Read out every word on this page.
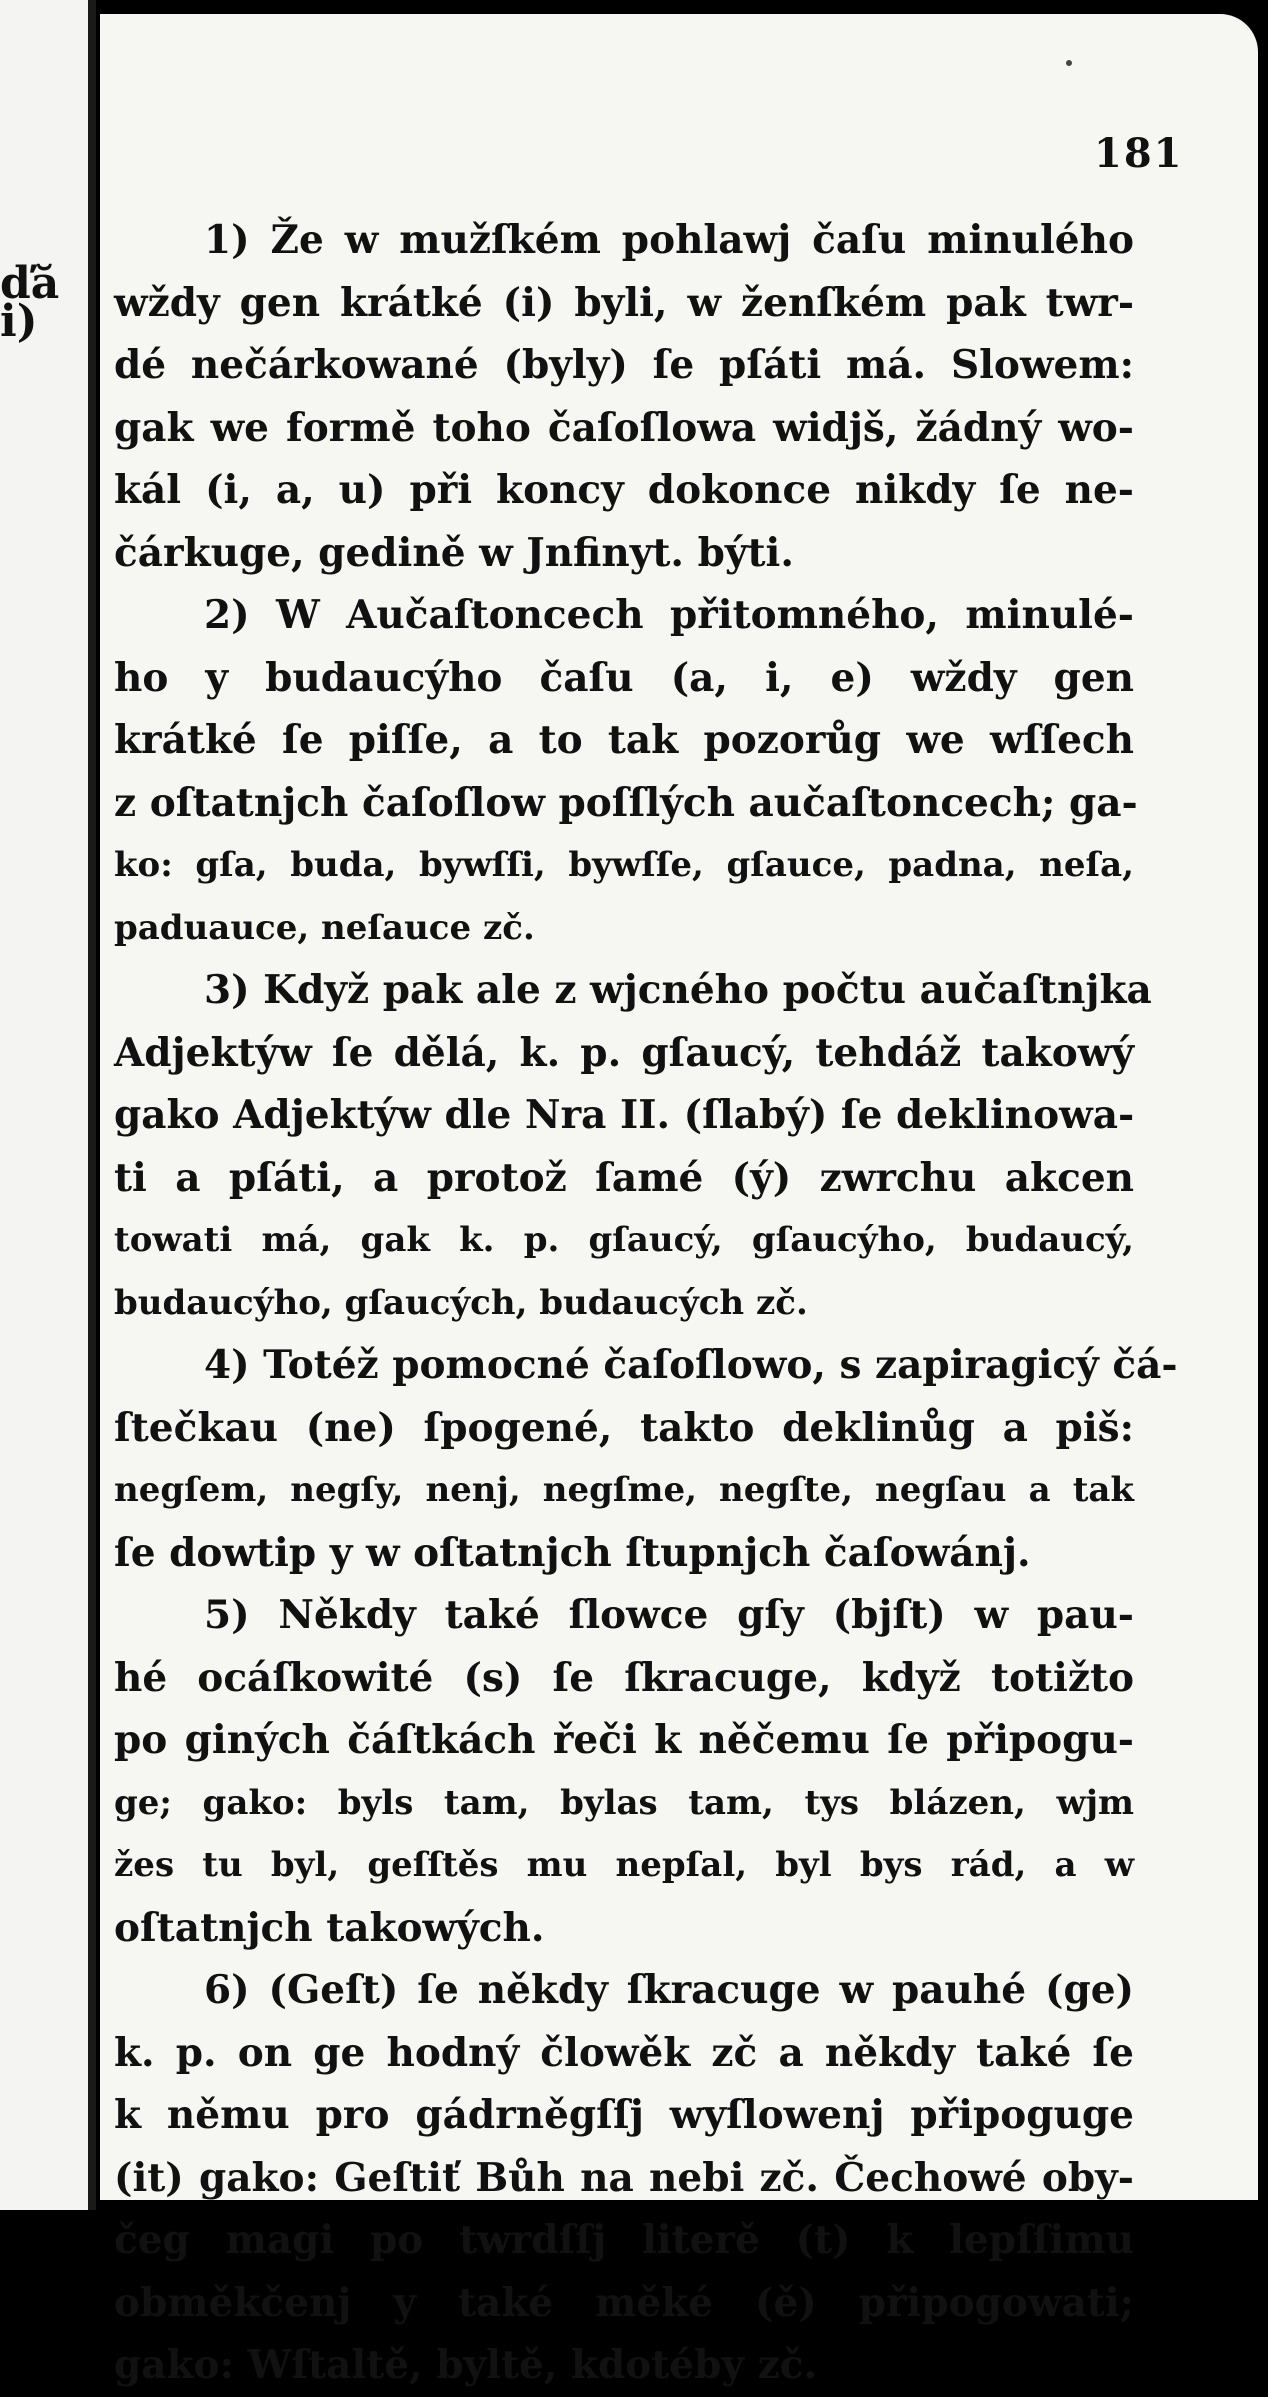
ďă
i)
181
1) Že w mužſkém pohlawj čaſu minulého
wždy gen krátké (i) byli, w ženſkém pak twr-
dé nečárkowané (byly) ſe pſáti má. Slowem:
gak we formě toho čaſoſlowa widjš, žádný wo-
kál (i, a, u) při koncy dokonce nikdy ſe ne-
čárkuge, gedině w Jnfinyt. býti.
2) W Aučaſtoncech přitomného, minulé-
ho y budaucýho čaſu (a, i, e) wždy gen
krátké ſe piſſe, a to tak pozorůg we wſſech
z oſtatnjch čaſoſlow poſſlých aučaſtoncech; ga-
ko: gſa, buda, bywſſi, bywſſe, gſauce, padna, neſa,
paduauce, neſauce zč.
3) Když pak ale z wjcného počtu aučaſtnjka
Adjektýw ſe dělá, k. p. gſaucý, tehdáž takowý
gako Adjektýw dle Nra II. (ſlabý) ſe deklinowa-
ti a pſáti, a protož ſamé (ý) zwrchu akcen
towati má, gak k. p. gſaucý, gſaucýho, budaucý,
budaucýho, gſaucých, budaucých zč.
4) Totéž pomocné čaſoſlowo, s zapiragicý čá-
ſtečkau (ne) ſpogené, takto deklinůg a piš:
negſem, negſy, nenj, negſme, negſte, negſau a tak
ſe dowtip y w oſtatnjch ſtupnjch čaſowánj.
5) Někdy také ſlowce gſy (bjſt) w pau-
hé ocáſkowité (s) ſe ſkracuge, když totižto
po giných čáſtkách řeči k něčemu ſe připogu-
ge; gako: byls tam, bylas tam, tys blázen, wjm
žes tu byl, geſſtěs mu nepſal, byl bys rád, a w
oſtatnjch takowých.
6) (Geſt) ſe někdy ſkracuge w pauhé (ge)
k. p. on ge hodný člowěk zč a někdy také ſe
k němu pro gádrněgſſj wyſlowenj připoguge
(it) gako: Geſtiť Bůh na nebi zč. Čechowé oby-
čeg magi po twrdſſj literě (t) k lepſſimu
obměkčenj y také měké (ě) připogowati;
gako: Wſtaltě, byltě, kdotéby zč.
